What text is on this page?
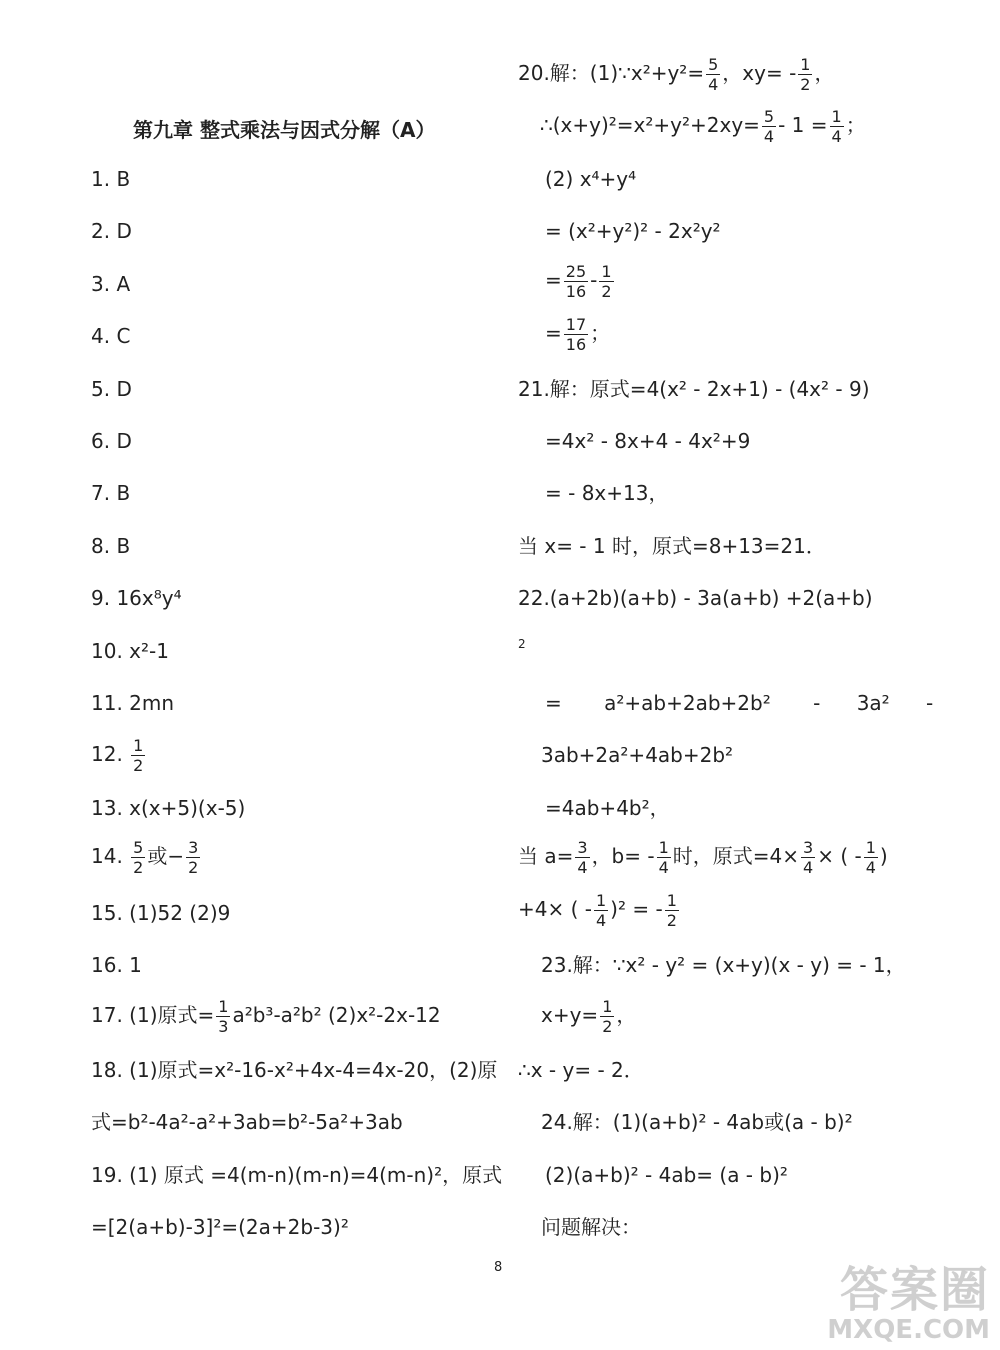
第九章 整式乘法与因式分解（A）
1. B
2. D
3. A
4. C
5. D
6. D
7. B
8. B
9. 16x⁸y⁴
10. x²-1
11. 2mn
12. $\frac{1}{2}$
13. x(x+5)(x-5)
14. $\frac{5}{2}$ 或− $\frac{3}{2}$
15. (1)52 (2)9
16. 1
17. (1)原式= $\frac{1}{3} a^2b^3-a^2b^2$ (2)x²-2x-12
18. (1)原式=x²-16-x²+4x-4=4x-20，(2)原
式=b²-4a²-a²+3ab=b²-5a²+3ab
19. (1) 原式 =4(m-n)(m-n)=4(m-n)²，原式
=[2(a+b)-3]²=(2a+2b-3)²
20.解：(1)∵x²+y²= $\frac{5}{4}$ ，$xy= - \frac{1}{2}$ ，
∴(x+y)²=x²+y²+2xy= $\frac{5}{4} - 1 = \frac{1}{4}$ ；
(2) x⁴+y⁴
= (x²+y²)² - 2x²y²
= $\frac{25}{16} - \frac{1}{2}$
= $\frac{17}{16}$ ；
21.解：原式=4(x² - 2x+1) - (4x² - 9)
=4x² - 8x+4 - 4x²+9
= - 8x+13，
当 x= - 1 时，原式=8+13=21．
22.(a+2b)(a+b) - 3a(a+b) +2(a+b)
2
= a²+ab+2ab+2b² - 3a² -
3ab+2a²+4ab+2b²
=4ab+4b²，
当 $a= \frac{3}{4}$ ，$b= - \frac{1}{4}$ 时，原式$=4\times \frac{3}{4}$ × ( - $\frac{1}{4}$ )
+4× ( - $\frac{1}{4} )^2$ = - $\frac{1}{2}$
23.解：∵x² - y² = (x+y)(x - y) = - 1，
$x+y= \frac{1}{2}$ ，
∴x - y= - 2．
24.解：(1)(a+b)² - 4ab或(a - b)²
(2)(a+b)² - 4ab= (a - b)²
问题解决：
8	答案圈
MXQE.COM
